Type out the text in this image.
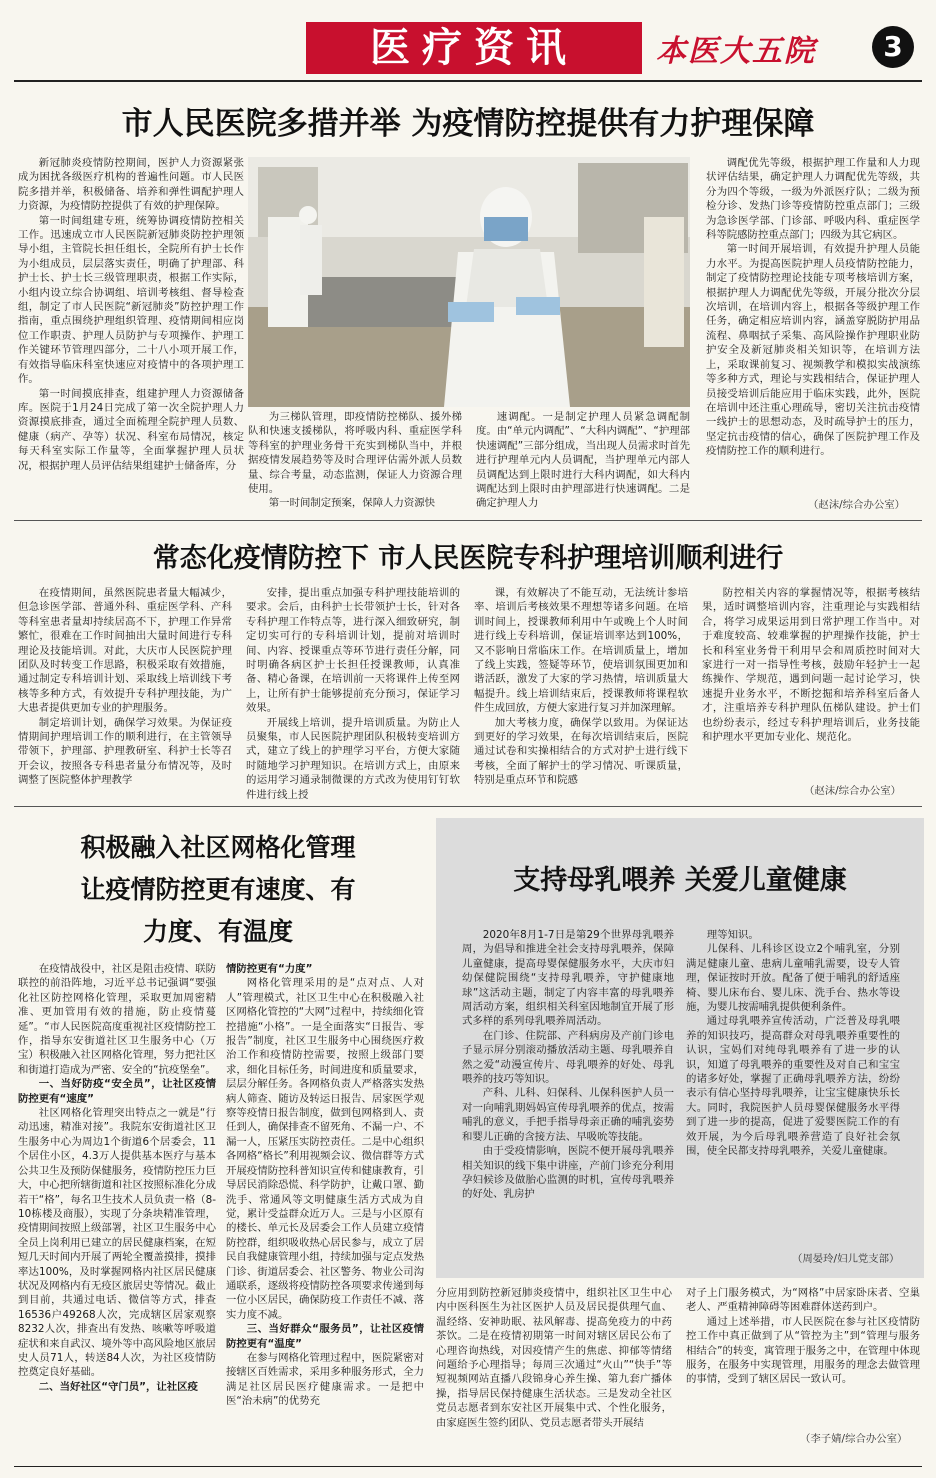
医疗资讯	本医大五院	3
市人民医院多措并举 为疫情防控提供有力护理保障

新冠肺炎疫情防控期间，医护人力资源紧张成为困扰各级医疗机构的普遍性问题。市人民医院多措并举，积极储备、培养和弹性调配护理人力资源，为疫情防控提供了有效的护理保障。

第一时间组建专班，统筹协调疫情防控相关工作。迅速成立市人民医院新冠肺炎防控护理领导小组，主管院长担任组长，全院所有护士长作为小组成员，层层落实责任，明确了护理部、科护士长、护士长三级管理职责，根据工作实际，小组内设立综合协调组、培训考核组、督导检查组，制定了市人民医院“新冠肺炎”防控护理工作指南，重点围绕护理组织管理、疫情期间相应岗位工作职责、护理人员防护与专项操作、护理工作关键环节管理四部分，二十八小项开展工作，有效指导临床科室快速应对疫情中的各项护理工作。

第一时间摸底排查，组建护理人力资源储备库。医院于1月24日完成了第一次全院护理人力资源摸底排查，通过全面梳理全院护理人员数、健康（病产、孕等）状况、科室布局情况，核定每天科室实际工作量等，全面掌握护理人员状况，根据护理人员评估结果组建护士储备库，分

为三梯队管理，即疫情防控梯队、援外梯队和快速支援梯队，将呼吸内科、重症医学科等科室的护理业务骨干充实到梯队当中，并根据疫情发展趋势等及时合理评估需外派人员数量、综合考量，动态监测，保证人力资源合理使用。

第一时间制定预案，保障人力资源快

速调配。一是制定护理人员紧急调配制度。由“单元内调配”、“大科内调配”、“护理部快速调配”三部分组成，当出现人员需求时首先进行护理单元内人员调配，当护理单元内部人员调配达到上限时进行大科内调配，如大科内调配达到上限时由护理部进行快速调配。二是确定护理人力

调配优先等级，根据护理工作量和人力现状评估结果，确定护理人力调配优先等级，共分为四个等级，一级为外派医疗队；二级为预检分诊、发热门诊等疫情防控重点部门；三级为急诊医学部、门诊部、呼吸内科、重症医学科等院感防控重点部门；四级为其它病区。

第一时间开展培训，有效提升护理人员能力水平。为提高医院护理人员疫情防控能力，制定了疫情防控理论技能专项考核培训方案，根据护理人力调配优先等级，开展分批次分层次培训，在培训内容上，根据各等级护理工作任务，确定相应培训内容，涵盖穿脱防护用品流程、鼻咽拭子采集、高风险操作护理职业防护安全及新冠肺炎相关知识等，在培训方法上，采取课前复习、视频教学和模拟实战演练等多种方式，理论与实践相结合，保证护理人员接受培训后能应用于临床实践，此外，医院在培训中还注重心理疏导，密切关注抗击疫情一线护士的思想动态，及时疏导护士的压力，坚定抗击疫情的信心，确保了医院护理工作及疫情防控工作的顺利进行。

（赵沫/综合办公室）
常态化疫情防控下 市人民医院专科护理培训顺利进行

在疫情期间，虽然医院患者量大幅减少，但急诊医学部、普通外科、重症医学科、产科等科室患者量却持续居高不下，护理工作异常繁忙，很难在工作时间抽出大量时间进行专科理论及技能培训。对此，大庆市人民医院护理团队及时转变工作思路，积极采取有效措施，通过制定专科培训计划、采取线上培训线下考核等多种方式，有效提升专科护理技能，为广大患者提供更加专业的护理服务。

制定培训计划，确保学习效果。为保证疫情期间护理培训工作的顺利进行，在主管领导带领下，护理部、护理教研室、科护士长等召开会议，按照各专科患者量分布情况等，及时调整了医院整体护理教学

安排，提出重点加强专科护理技能培训的要求。会后，由科护士长带领护士长，针对各专科护理工作特点等，进行深入细致研究，制定切实可行的专科培训计划，提前对培训时间、内容、授课重点等环节进行责任分解，同时明确各病区护士长担任授课教师，认真准备、精心备课，在培训前一天将课件上传至网上，让所有护士能够提前充分预习，保证学习效果。

开展线上培训，提升培训质量。为防止人员聚集，市人民医院护理团队积极转变培训方式，建立了线上的护理学习平台，方便大家随时随地学习护理知识。在培训方式上，由原来的运用学习通录制微课的方式改为使用钉钉软件进行线上授

课，有效解决了不能互动，无法统计参培率、培训后考核效果不理想等诸多问题。在培训时间上，授课教师利用中午或晚上个人时间进行线上专科培训，保证培训率达到100%，又不影响日常临床工作。在培训质量上，增加了线上实践，签疑等环节，使培训氛围更加和谐活跃，激发了大家的学习热情，培训质量大幅提升。线上培训结束后，授课教师将课程软件生成回放，方便大家进行复习并加深理解。

加大考核力度，确保学以致用。为保证达到更好的学习效果，在每次培训结束后，医院通过试卷和实操相结合的方式对护士进行线下考核，全面了解护士的学习情况、听课质量，特别是重点环节和院感

防控相关内容的掌握情况等，根据考核结果，适时调整培训内容，注重理论与实践相结合，将学习成果运用到日常护理工作当中。对于难度较高、较难掌握的护理操作技能，护士长和科室业务骨干利用早会和周质控时间对大家进行一对一指导性考核，鼓励年轻护士一起练操作、学规范，遇到问题一起讨论学习，快速提升业务水平，不断挖掘和培养科室后备人才，注重培养专科护理队伍梯队建设。护士们也纷纷表示，经过专科护理培训后，业务技能和护理水平更加专业化、规范化。

（赵沫/综合办公室）
积极融入社区网格化管理
让疫情防控更有速度、有
力度、有温度
支持母乳喂养 关爱儿童健康

2020年8月1-7日是第29个世界母乳喂养周，为倡导和推进全社会支持母乳喂养，保障儿童健康，提高母婴保健服务水平，大庆市妇幼保健院围绕“支持母乳喂养，守护健康地球”这活动主题，制定了内容丰富的母乳喂养周活动方案，组织相关科室因地制宜开展了形式多样的系列母乳喂养周活动。

在门诊、住院部、产科病房及产前门诊电子显示屏分别滚动播放活动主题、母乳喂养自然之爱“动漫宣传片、母乳喂养的好处、母乳喂养的技巧等知识。

产科、儿科、妇保科、儿保科医护人员一对一向哺乳期妈妈宣传母乳喂养的优点，按需哺乳的意义，手把手指导母亲正确的哺乳姿势和婴儿正确的含接方法、早吸吮等技能。

由于受疫情影响，医院不便开展母乳喂养相关知识的线下集中讲座，产前门诊充分利用孕妇候诊及做胎心监测的时机，宣传母乳喂养的好处、乳房护

理等知识。

儿保科、儿科诊区设立2个哺乳室，分别满足健康儿童、患病儿童哺乳需要，设专人管理，保证按时开放。配备了便于哺乳的舒适座椅、婴儿床布台、婴儿床、洗手台、热水等设施，为婴儿按需哺乳提供便利条件。

通过母乳喂养宣传活动，广泛普及母乳喂养的知识技巧，提高群众对母乳喂养重要性的认识，宝妈们对纯母乳喂养有了进一步的认识，知道了母乳喂养的重要性及对自己和宝宝的诸多好处，掌握了正确母乳喂养方法，纷纷表示有信心坚持母乳喂养，让宝宝健康快乐长大。同时，我院医护人员母婴保健服务水平得到了进一步的提高，促进了爱婴医院工作的有效开展，为今后母乳喂养营造了良好社会氛围，使全民都支持母乳喂养，关爱儿童健康。

（周晏玲/妇儿党支部）

在疫情战役中，社区是阻击疫情、联防联控的前沿阵地，习近平总书记强调“要强化社区防控网格化管理，采取更加周密精准、更加管用有效的措施，防止疫情蔓延”。“市人民医院高度重视社区疫情防控工作，指导东安街道社区卫生服务中心（万宝）积极融入社区网格化管理，努力把社区和街道打造成为严密、安全的“抗疫堡垒”。

一、当好防疫“安全员”，让社区疫情防控更有“速度”

社区网格化管理突出特点之一就是“行动迅速，精准对接”。我院东安街道社区卫生服务中心为周边1个街道6个居委会，11个居住小区，4.3万人提供基本医疗与基本公共卫生及预防保健服务，疫情防控压力巨大，中心把所辖街道和社区按照标准化分成若干“格”，每名卫生技术人员负责一格（8-10栋楼及商服），实现了分条块精准管理，疫情期间按照上级部署，社区卫生服务中心全员上岗利用已建立的居民健康档案，在短短几天时间内开展了两轮全覆盖摸排，摸排率达100%，及时掌握网格内社区居民健康状况及网格内有无疫区旅居史等情况。截止到目前，共通过电话、微信等方式，排查16536户49268人次，完成辖区居家观察8232人次，排查出有发热、咳嗽等呼吸道症状和来自武汉、境外等中高风险地区旅居史人员71人，转送84人次，为社区疫情防控奠定良好基础。

二、当好社区“守门员”，让社区疫

情防控更有“力度”

网格化管理采用的是“点对点、人对人”管理模式，社区卫生中心在积极融入社区网格化管控的“大网”过程中，持续细化管控措施“小格”。一是全面落实“日报告、零报告”制度，社区卫生服务中心围绕医疗救治工作和疫情防控需要，按照上级部门要求，细化目标任务，时间进度和质量要求，层层分解任务。各网格负责人严格落实发热病人筛查、随访及转运日报告、居家医学观察等疫情日报告制度，做到包网格到人、责任到人，确保排查不留死角、不漏一户、不漏一人，压紧压实防控责任。二是中心组织各网格“格长”利用视频会议、微信群等方式开展疫情防控科普知识宣传和健康教育，引导居民消除恐慌、科学防护，让戴口罩、勤洗手、常通风等文明健康生活方式成为自觉，累计受益群众近万人。三是与小区原有的楼长、单元长及居委会工作人员建立疫情防控群，组织吸收热心居民参与，成立了居民自我健康管理小组，持续加强与定点发热门诊、街道居委会、社区警务、物业公司沟通联系，逐级将疫情防控各项要求传递到每一位小区居民，确保防疫工作责任不减、落实力度不减。

三、当好群众“服务员”，让社区疫情防控更有“温度”

在参与网格化管理过程中，医院紧密对接辖区百姓需求，采用多种服务形式，全力满足社区居民医疗健康需求。一是把中医“治未病”的优势充

分应用到防控新冠肺炎疫情中，组织社区卫生中心内中医科医生为社区医护人员及居民提供理气血、温经络、安神助眠、祛风解毒、提高免疫力的中药茶饮。二是在疫情初期第一时间对辖区居民公布了心理咨询热线，对因疫情产生的焦虑、抑郁等情绪问题给予心理指导；每周三次通过“火山”“快手”等短视频网站直播八段锦身心养生操、第九套广播体操，指导居民保持健康生活状态。三是发动全社区党员志愿者到东安社区开展集中式、个性化服务，由家庭医生签约团队、党员志愿者带头开展结

对子上门服务模式，为“网格”中居家卧床者、空巢老人、严重精神障碍等困难群体送药到户。

通过上述举措，市人民医院在参与社区疫情防控工作中真正做到了从“管控为主”到“管理与服务相结合”的转变，寓管理于服务之中，在管理中体现服务，在服务中实现管理，用服务的理念去做管理的事情，受到了辖区居民一致认可。

（李子婧/综合办公室）
